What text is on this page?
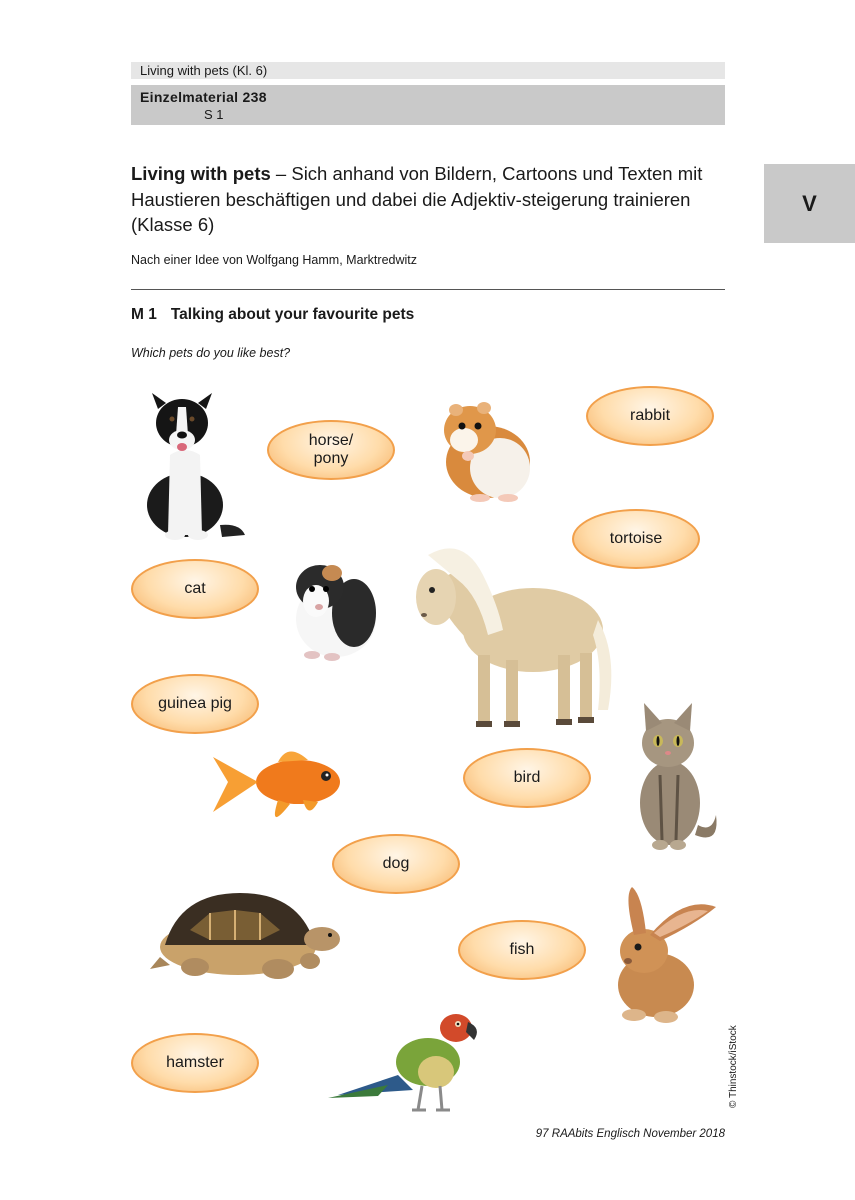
Living with pets (Kl. 6)
Einzelmaterial 238
S 1
V
Living with pets – Sich anhand von Bildern, Cartoons und Texten mit Haustieren beschäftigen und dabei die Adjektiv-steigerung trainieren (Klasse 6)
Nach einer Idee von Wolfgang Hamm, Marktredwitz
M 1 Talking about your favourite pets
Which pets do you like best?
horse/
pony
rabbit
tortoise
cat
guinea pig
bird
dog
fish
hamster	© Thinstock/iStock
97 RAAbits Englisch November 2018
